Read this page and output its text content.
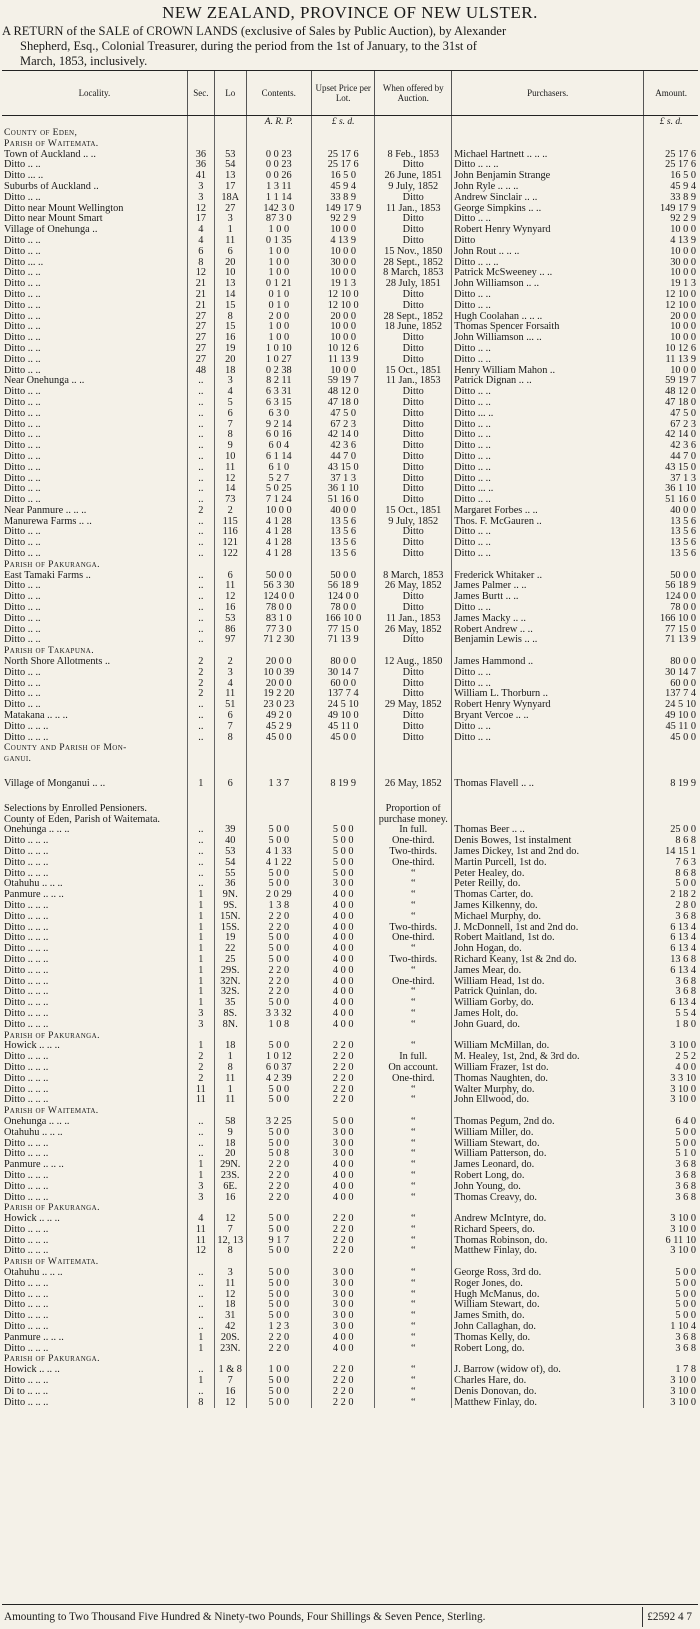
NEW ZEALAND, PROVINCE OF NEW ULSTER.
A RETURN of the SALE of CROWN LANDS (exclusive of Sales by Public Auction), by Alexander
Shepherd, Esq., Colonial Treasurer, during the period from the 1st of January, to the 31st of
March, 1853, inclusively.
Locality.	Sec.	Lo	Contents.	Upset Price per Lot.	When offered by Auction.	Purchasers.	Amount.
			A. R. P.	£ s. d.			£ s. d.
County of Eden,							
Parish of Waitemata.							
Town of Auckland .. ..	36	53	0 0 23	25 17 6	8 Feb., 1853	Michael Hartnett .. .. ..	25 17 6
Ditto .. ..	36	54	0 0 23	25 17 6	Ditto	Ditto .. .. ..	25 17 6
Ditto ... ..	41	13	0 0 26	16 5 0	26 June, 1851	John Benjamin Strange	16 5 0
Suburbs of Auckland ..	3	17	1 3 11	45 9 4	9 July, 1852	John Ryle .. .. ..	45 9 4
Ditto .. ..	3	18A	1 1 14	33 8 9	Ditto	Andrew Sinclair .. ..	33 8 9
Ditto near Mount Wellington	12	27	142 3 0	149 17 9	11 Jan., 1853	George Simpkins .. ..	149 17 9
Ditto near Mount Smart	17	3	87 3 0	92 2 9	Ditto	Ditto .. ..	92 2 9
Village of Onehunga ..	4	1	1 0 0	10 0 0	Ditto	Robert Henry Wynyard	10 0 0
Ditto .. ..	4	11	0 1 35	4 13 9	Ditto	Ditto	4 13 9
Ditto .. ..	6	6	1 0 0	10 0 0	15 Nov., 1850	John Rout .. .. ..	10 0 0
Ditto ... ..	8	20	1 0 0	30 0 0	28 Sept., 1852	Ditto .. .. ..	30 0 0
Ditto .. ..	12	10	1 0 0	10 0 0	8 March, 1853	Patrick McSweeney .. ..	10 0 0
Ditto .. ..	21	13	0 1 21	19 1 3	28 July, 1851	John Williamson .. ..	19 1 3
Ditto .. ..	21	14	0 1 0	12 10 0	Ditto	Ditto .. ..	12 10 0
Ditto .. ..	21	15	0 1 0	12 10 0	Ditto	Ditto .. ..	12 10 0
Ditto .. ..	27	8	2 0 0	20 0 0	28 Sept., 1852	Hugh Coolahan .. .. ..	20 0 0
Ditto .. ..	27	15	1 0 0	10 0 0	18 June, 1852	Thomas Spencer Forsaith	10 0 0
Ditto .. ..	27	16	1 0 0	10 0 0	Ditto	John Williamson ... ..	10 0 0
Ditto .. ..	27	19	1 0 10	10 12 6	Ditto	Ditto .. ..	10 12 6
Ditto .. ..	27	20	1 0 27	11 13 9	Ditto	Ditto .. ..	11 13 9
Ditto .. ..	48	18	0 2 38	10 0 0	15 Oct., 1851	Henry William Mahon ..	10 0 0
Near Onehunga .. ..	..	3	8 2 11	59 19 7	11 Jan., 1853	Patrick Dignan .. ..	59 19 7
Ditto .. ..	..	4	6 3 31	48 12 0	Ditto	Ditto .. ..	48 12 0
Ditto .. ..	..	5	6 3 15	47 18 0	Ditto	Ditto .. ..	47 18 0
Ditto .. ..	..	6	6 3 0	47 5 0	Ditto	Ditto ... ..	47 5 0
Ditto .. ..	..	7	9 2 14	67 2 3	Ditto	Ditto .. ..	67 2 3
Ditto .. ..	..	8	6 0 16	42 14 0	Ditto	Ditto .. ..	42 14 0
Ditto .. ..	..	9	6 0 4	42 3 6	Ditto	Ditto .. ..	42 3 6
Ditto .. ..	..	10	6 1 14	44 7 0	Ditto	Ditto .. ..	44 7 0
Ditto .. ..	..	11	6 1 0	43 15 0	Ditto	Ditto .. ..	43 15 0
Ditto .. ..	..	12	5 2 7	37 1 3	Ditto	Ditto .. ..	37 1 3
Ditto .. ..	..	14	5 0 25	36 1 10	Ditto	Ditto ... ..	36 1 10
Ditto .. ..	..	73	7 1 24	51 16 0	Ditto	Ditto .. ..	51 16 0
Near Panmure .. .. ..	2	2	10 0 0	40 0 0	15 Oct., 1851	Margaret Forbes .. ..	40 0 0
Manurewa Farms .. ..	..	115	4 1 28	13 5 6	9 July, 1852	Thos. F. McGauren ..	13 5 6
Ditto .. ..	..	116	4 1 28	13 5 6	Ditto	Ditto .. ..	13 5 6
Ditto .. ..	..	121	4 1 28	13 5 6	Ditto	Ditto .. ..	13 5 6
Ditto .. ..	..	122	4 1 28	13 5 6	Ditto	Ditto .. ..	13 5 6
Parish of Pakuranga.							
East Tamaki Farms ..	..	6	50 0 0	50 0 0	8 March, 1853	Frederick Whitaker ..	50 0 0
Ditto .. ..	..	11	56 3 30	56 18 9	26 May, 1852	James Palmer .. ..	56 18 9
Ditto .. ..	..	12	124 0 0	124 0 0	Ditto	James Burtt .. ..	124 0 0
Ditto .. ..	..	16	78 0 0	78 0 0	Ditto	Ditto .. ..	78 0 0
Ditto .. ..	..	53	83 1 0	166 10 0	11 Jan., 1853	James Macky .. ..	166 10 0
Ditto .. ..	..	86	77 3 0	77 15 0	26 May, 1852	Robert Andrew .. ..	77 15 0
Ditto .. ..	..	97	71 2 30	71 13 9	Ditto	Benjamin Lewis .. ..	71 13 9
Parish of Takapuna.							
North Shore Allotments ..	2	2	20 0 0	80 0 0	12 Aug., 1850	James Hammond ..	80 0 0
Ditto .. ..	2	3	10 0 39	30 14 7	Ditto	Ditto .. ..	30 14 7
Ditto .. ..	2	4	20 0 0	60 0 0	Ditto	Ditto .. ..	60 0 0
Ditto .. ..	2	11	19 2 20	137 7 4	Ditto	William L. Thorburn ..	137 7 4
Ditto .. ..	..	51	23 0 23	24 5 10	29 May, 1852	Robert Henry Wynyard	24 5 10
Matakana .. .. ..	..	6	49 2 0	49 10 0	Ditto	Bryant Vercoe .. ..	49 10 0
Ditto .. .. ..	..	7	45 2 9	45 11 0	Ditto	Ditto .. ..	45 11 0
Ditto .. .. ..	..	8	45 0 0	45 0 0	Ditto	Ditto .. ..	45 0 0
County and Parish of Mon-							
ganui.							

Village of Monganui .. ..	1	6	1 3 7	8 19 9	26 May, 1852	Thomas Flavell .. ..	8 19 9

Selections by Enrolled Pensioners.					Proportion of		
County of Eden, Parish of Waitemata.					purchase money.		
Onehunga .. .. ..	..	39	5 0 0	5 0 0	In full.	Thomas Beer .. ..	25 0 0
Ditto .. .. ..	..	40	5 0 0	5 0 0	One-third.	Denis Bowes, 1st instalment	8 6 8
Ditto .. .. ..	..	53	4 1 33	5 0 0	Two-thirds.	James Dickey, 1st and 2nd do.	14 15 1
Ditto .. .. ..	..	54	4 1 22	5 0 0	One-third.	Martin Purcell, 1st do.	7 6 3
Ditto .. .. ..	..	55	5 0 0	5 0 0	“	Peter Healey, do.	8 6 8
Otahuhu .. .. ..	..	36	5 0 0	3 0 0	“	Peter Reilly, do.	5 0 0
Panmure .. .. ..	1	9N.	2 0 29	4 0 0	“	Thomas Carter, do.	2 18 2
Ditto .. .. ..	1	9S.	1 3 8	4 0 0	“	James Kilkenny, do.	2 8 0
Ditto .. .. ..	1	15N.	2 2 0	4 0 0	“	Michael Murphy, do.	3 6 8
Ditto .. .. ..	1	15S.	2 2 0	4 0 0	Two-thirds.	J. McDonnell, 1st and 2nd do.	6 13 4
Ditto .. .. ..	1	19	5 0 0	4 0 0	One-third.	Robert Maitland, 1st do.	6 13 4
Ditto .. .. ..	1	22	5 0 0	4 0 0	“	John Hogan, do.	6 13 4
Ditto .. .. ..	1	25	5 0 0	4 0 0	Two-thirds.	Richard Keany, 1st & 2nd do.	13 6 8
Ditto .. .. ..	1	29S.	2 2 0	4 0 0	“	James Mear, do.	6 13 4
Ditto .. .. ..	1	32N.	2 2 0	4 0 0	One-third.	William Head, 1st do.	3 6 8
Ditto .. .. ..	1	32S.	2 2 0	4 0 0	“	Patrick Quinlan, do.	3 6 8
Ditto .. .. ..	1	35	5 0 0	4 0 0	“	William Gorby, do.	6 13 4
Ditto .. .. ..	3	8S.	3 3 32	4 0 0	“	James Holt, do.	5 5 4
Ditto .. .. ..	3	8N.	1 0 8	4 0 0	“	John Guard, do.	1 8 0
Parish of Pakuranga.							
Howick .. .. ..	1	18	5 0 0	2 2 0	“	William McMillan, do.	3 10 0
Ditto .. .. ..	2	1	1 0 12	2 2 0	In full.	M. Healey, 1st, 2nd, & 3rd do.	2 5 2
Ditto .. .. ..	2	8	6 0 37	2 2 0	On account.	William Frazer, 1st do.	4 0 0
Ditto .. .. ..	2	11	4 2 39	2 2 0	One-third.	Thomas Naughten, do.	3 3 10
Ditto .. .. ..	11	1	5 0 0	2 2 0	“	Walter Murphy, do.	3 10 0
Ditto .. .. ..	11	11	5 0 0	2 2 0	“	John Ellwood, do.	3 10 0
Parish of Waitemata.							
Onehunga .. .. ..	..	58	3 2 25	5 0 0	“	Thomas Pegum, 2nd do.	6 4 0
Otahuhu .. .. ..	..	9	5 0 0	3 0 0	“	William Miller, do.	5 0 0
Ditto .. .. ..	..	18	5 0 0	3 0 0	“	William Stewart, do.	5 0 0
Ditto .. .. ..	..	20	5 0 8	3 0 0	“	William Patterson, do.	5 1 0
Panmure .. .. ..	1	29N.	2 2 0	4 0 0	“	James Leonard, do.	3 6 8
Ditto .. .. ..	1	23S.	2 2 0	4 0 0	“	Robert Long, do.	3 6 8
Ditto .. .. ..	3	6E.	2 2 0	4 0 0	“	John Young, do.	3 6 8
Ditto .. .. ..	3	16	2 2 0	4 0 0	“	Thomas Creavy, do.	3 6 8
Parish of Pakuranga.							
Howick .. .. ..	4	12	5 0 0	2 2 0	“	Andrew McIntyre, do.	3 10 0
Ditto .. .. ..	11	7	5 0 0	2 2 0	“	Richard Speers, do.	3 10 0
Ditto .. .. ..	11	12, 13	9 1 7	2 2 0	“	Thomas Robinson, do.	6 11 10
Ditto .. .. ..	12	8	5 0 0	2 2 0	“	Matthew Finlay, do.	3 10 0
Parish of Waitemata.							
Otahuhu .. .. ..	..	3	5 0 0	3 0 0	“	George Ross, 3rd do.	5 0 0
Ditto .. .. ..	..	11	5 0 0	3 0 0	“	Roger Jones, do.	5 0 0
Ditto .. .. ..	..	12	5 0 0	3 0 0	“	Hugh McManus, do.	5 0 0
Ditto .. .. ..	..	18	5 0 0	3 0 0	“	William Stewart, do.	5 0 0
Ditto .. .. ..	..	31	5 0 0	3 0 0	“	James Smith, do.	5 0 0
Ditto .. .. ..	..	42	1 2 3	3 0 0	“	John Callaghan, do.	1 10 4
Panmure .. .. ..	1	20S.	2 2 0	4 0 0	“	Thomas Kelly, do.	3 6 8
Ditto .. .. ..	1	23N.	2 2 0	4 0 0	“	Robert Long, do.	3 6 8
Parish of Pakuranga.							
Howick .. .. ..	..	1 & 8	1 0 0	2 2 0	“	J. Barrow (widow of), do.	1 7 8
Ditto .. .. ..	1	7	5 0 0	2 2 0	“	Charles Hare, do.	3 10 0
Di to .. .. ..	..	16	5 0 0	2 2 0	“	Denis Donovan, do.	3 10 0
Ditto .. .. ..	8	12	5 0 0	2 2 0	“	Matthew Finlay, do.	3 10 0
Amounting to Two Thousand Five Hundred & Ninety-two Pounds, Four Shillings & Seven Pence, Sterling.	£2592 4 7
